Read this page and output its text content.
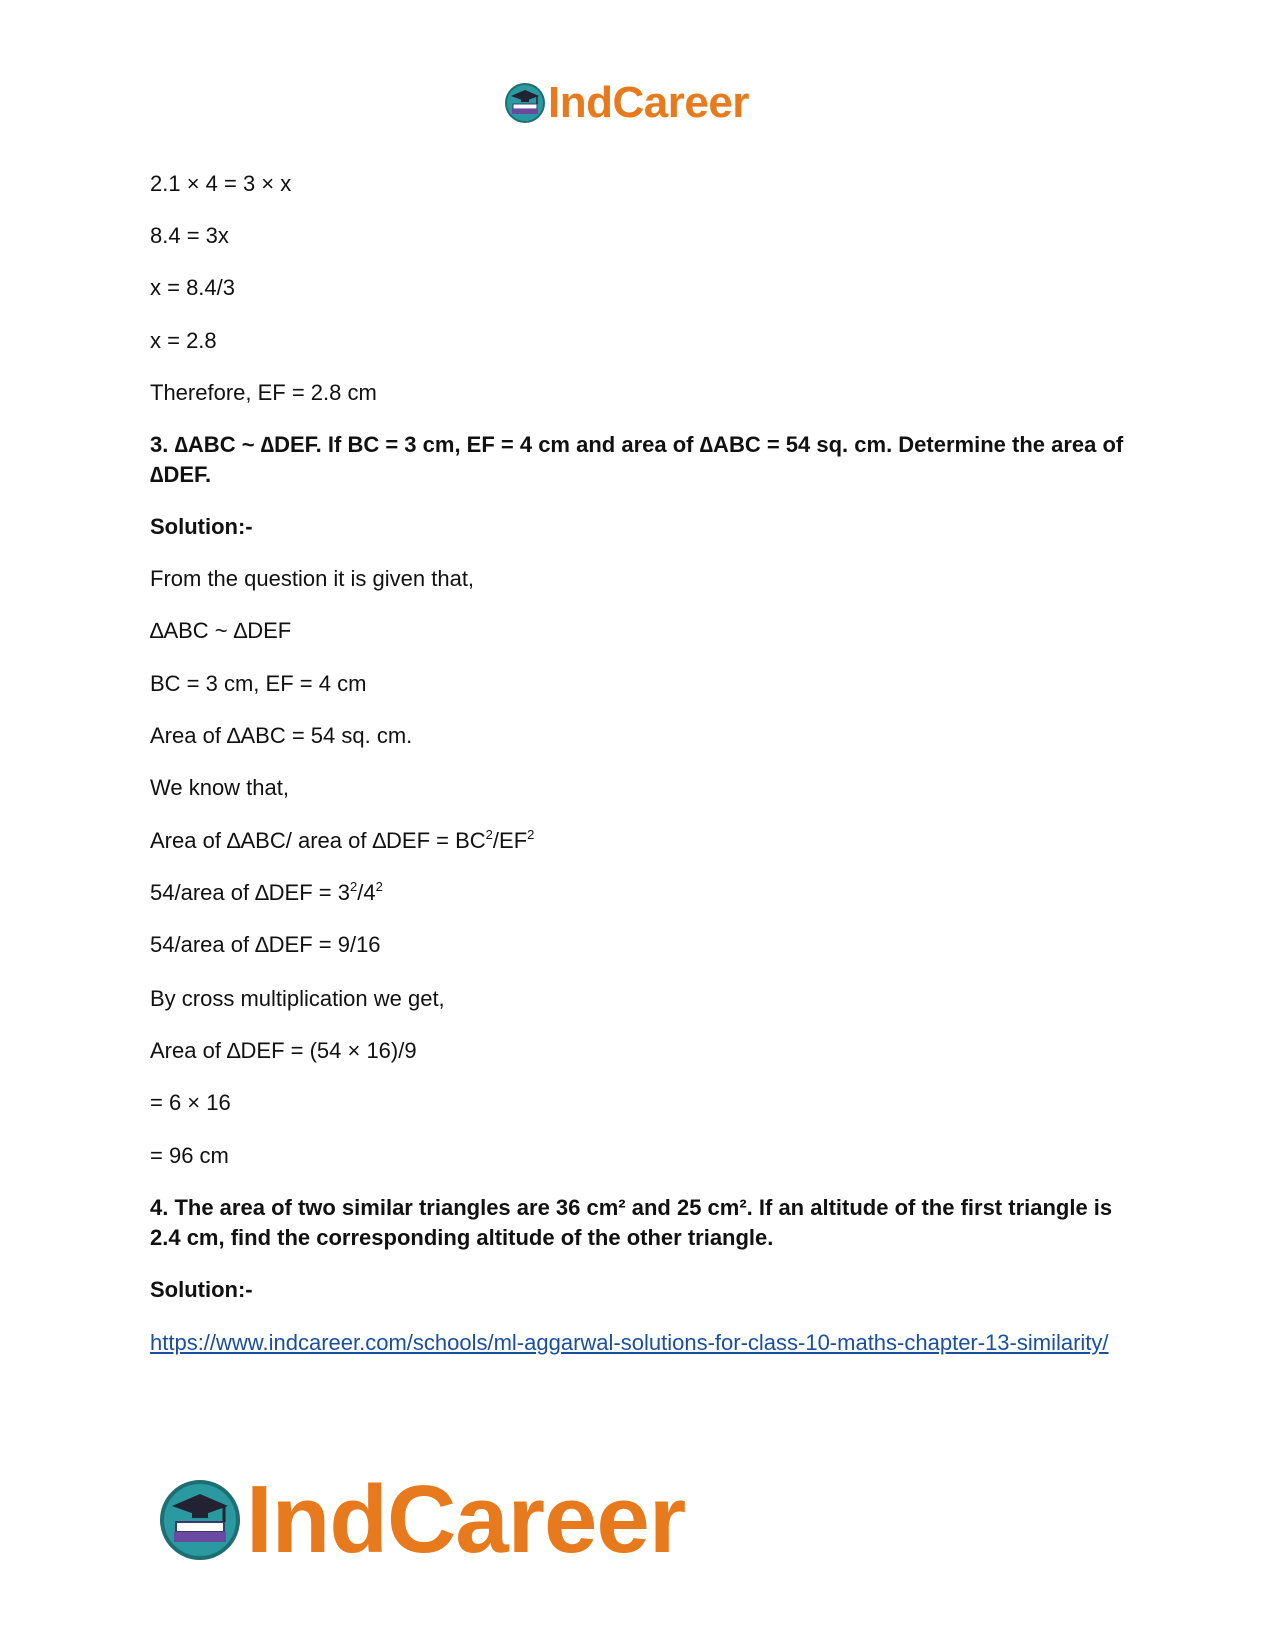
IndCareer
2.1 × 4 = 3 × x
8.4 = 3x
x = 8.4/3
x = 2.8
Therefore, EF = 2.8 cm
3. ∆ABC ~ ∆DEF. If BC = 3 cm, EF = 4 cm and area of ∆ABC = 54 sq. cm. Determine the area of ∆DEF.
Solution:-
From the question it is given that,
∆ABC ~ ∆DEF
BC = 3 cm, EF = 4 cm
Area of ∆ABC = 54 sq. cm.
We know that,
Area of ∆ABC/ area of $\Delta DEF = BC^2/EF^2$
54/area of $\Delta DEF = 3^2/4^2$
54/area of ∆DEF = 9/16
By cross multiplication we get,
Area of ∆DEF = (54 × 16)/9
= 6 × 16
= 96 cm
4. The area of two similar triangles are 36 cm² and 25 cm². If an altitude of the first triangle is 2.4 cm, find the corresponding altitude of the other triangle.
Solution:-
https://www.indcareer.com/schools/ml-aggarwal-solutions-for-class-10-maths-chapter-13-similarity/
IndCareer
